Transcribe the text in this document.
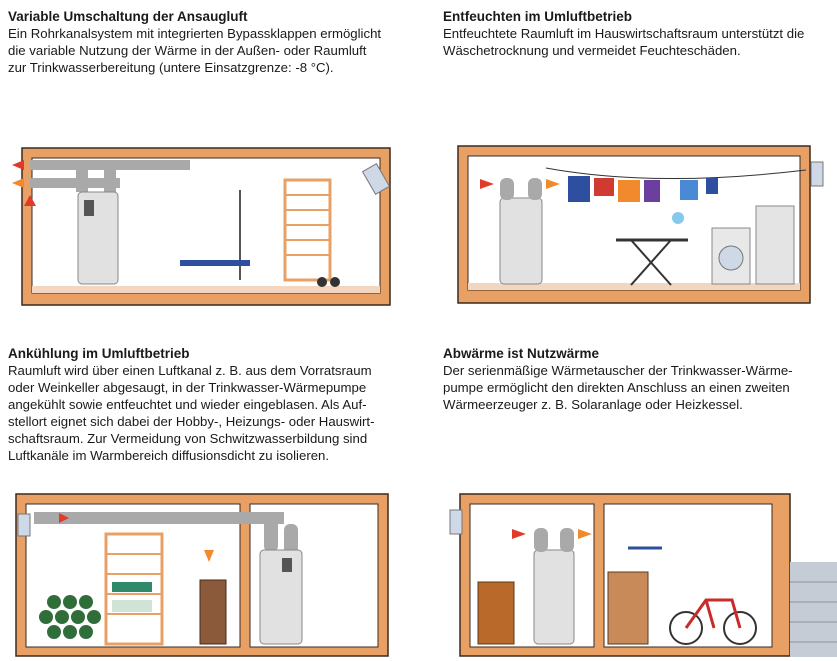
Variable Umschaltung der Ansaugluft

Ein Rohrkanalsystem mit integrierten Bypassklappen ermöglicht
die variable Nutzung der Wärme in der Außen- oder Raumluft
zur Trinkwasserbereitung (untere Einsatzgrenze: -8 °C).

Entfeuchten im Umluftbetrieb

Entfeuchtete Raumluft im Hauswirtschaftsraum unterstützt die
Wäschetrocknung und vermeidet Feuchteschäden.

Ankühlung im Umluftbetrieb

Raumluft wird über einen Luftkanal z. B. aus dem Vorratsraum
oder Weinkeller abgesaugt, in der Trinkwasser-Wärmepumpe
angekühlt sowie entfeuchtet und wieder eingeblasen. Als Auf-
stellort eignet sich dabei der Hobby-, Heizungs- oder Hauswirt-
schaftsraum. Zur Vermeidung von Schwitzwasserbildung sind
Luftkanäle im Warmbereich diffusionsdicht zu isolieren.

Abwärme ist Nutzwärme

Der serienmäßige Wärmetauscher der Trinkwasser-Wärme-
pumpe ermöglicht den direkten Anschluss an einen zweiten
Wärmeerzeuger z. B. Solaranlage oder Heizkessel.
